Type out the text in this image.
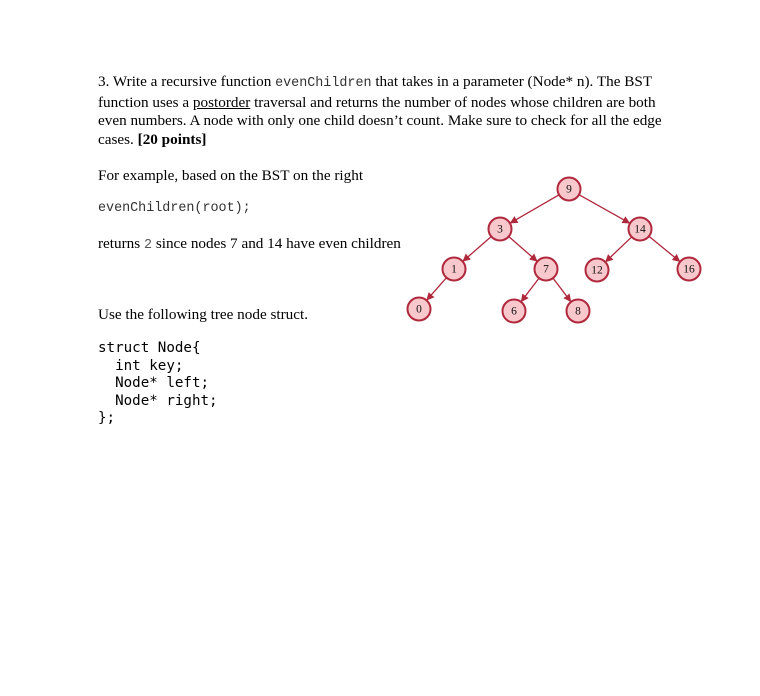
3. Write a recursive function evenChildren that takes in a parameter (Node* n). The BST function uses a postorder traversal and returns the number of nodes whose children are both even numbers. A node with only one child doesn’t count. Make sure to check for all the edge cases. [20 points]
For example, based on the BST on the right
evenChildren(root);
returns 2 since nodes 7 and 14 have even children
Use the following tree node struct.
struct Node{
int key;
Node* left;
Node* right;
};
9
3	14
1	7	12	16
0	6	8
